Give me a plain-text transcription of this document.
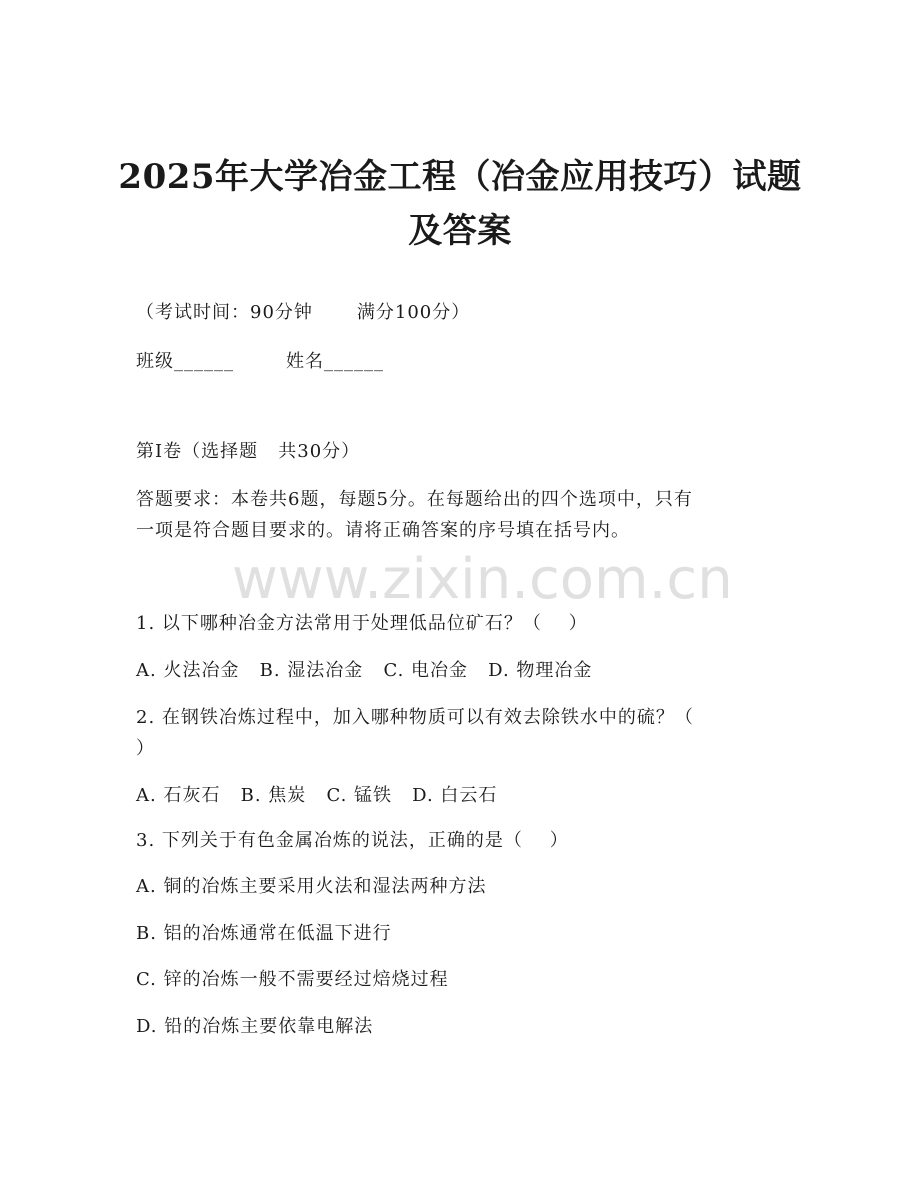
2025年大学冶金工程（冶金应用技巧）试题
及答案
（考试时间：90分钟 满分100分）
班级______	姓名______
第I卷（选择题   共30分）
答题要求：本卷共6题，每题5分。在每题给出的四个选项中，只有
一项是符合题目要求的。请将正确答案的序号填在括号内。
www.zixin.com.cn
1. 以下哪种冶金方法常用于处理低品位矿石？（    ）
A. 火法冶金   B. 湿法冶金   C. 电冶金   D. 物理冶金
2. 在钢铁冶炼过程中，加入哪种物质可以有效去除铁水中的硫？（
）
A. 石灰石   B. 焦炭   C. 锰铁   D. 白云石
3. 下列关于有色金属冶炼的说法，正确的是（    ）
A. 铜的冶炼主要采用火法和湿法两种方法
B. 铝的冶炼通常在低温下进行
C. 锌的冶炼一般不需要经过焙烧过程
D. 铅的冶炼主要依靠电解法
